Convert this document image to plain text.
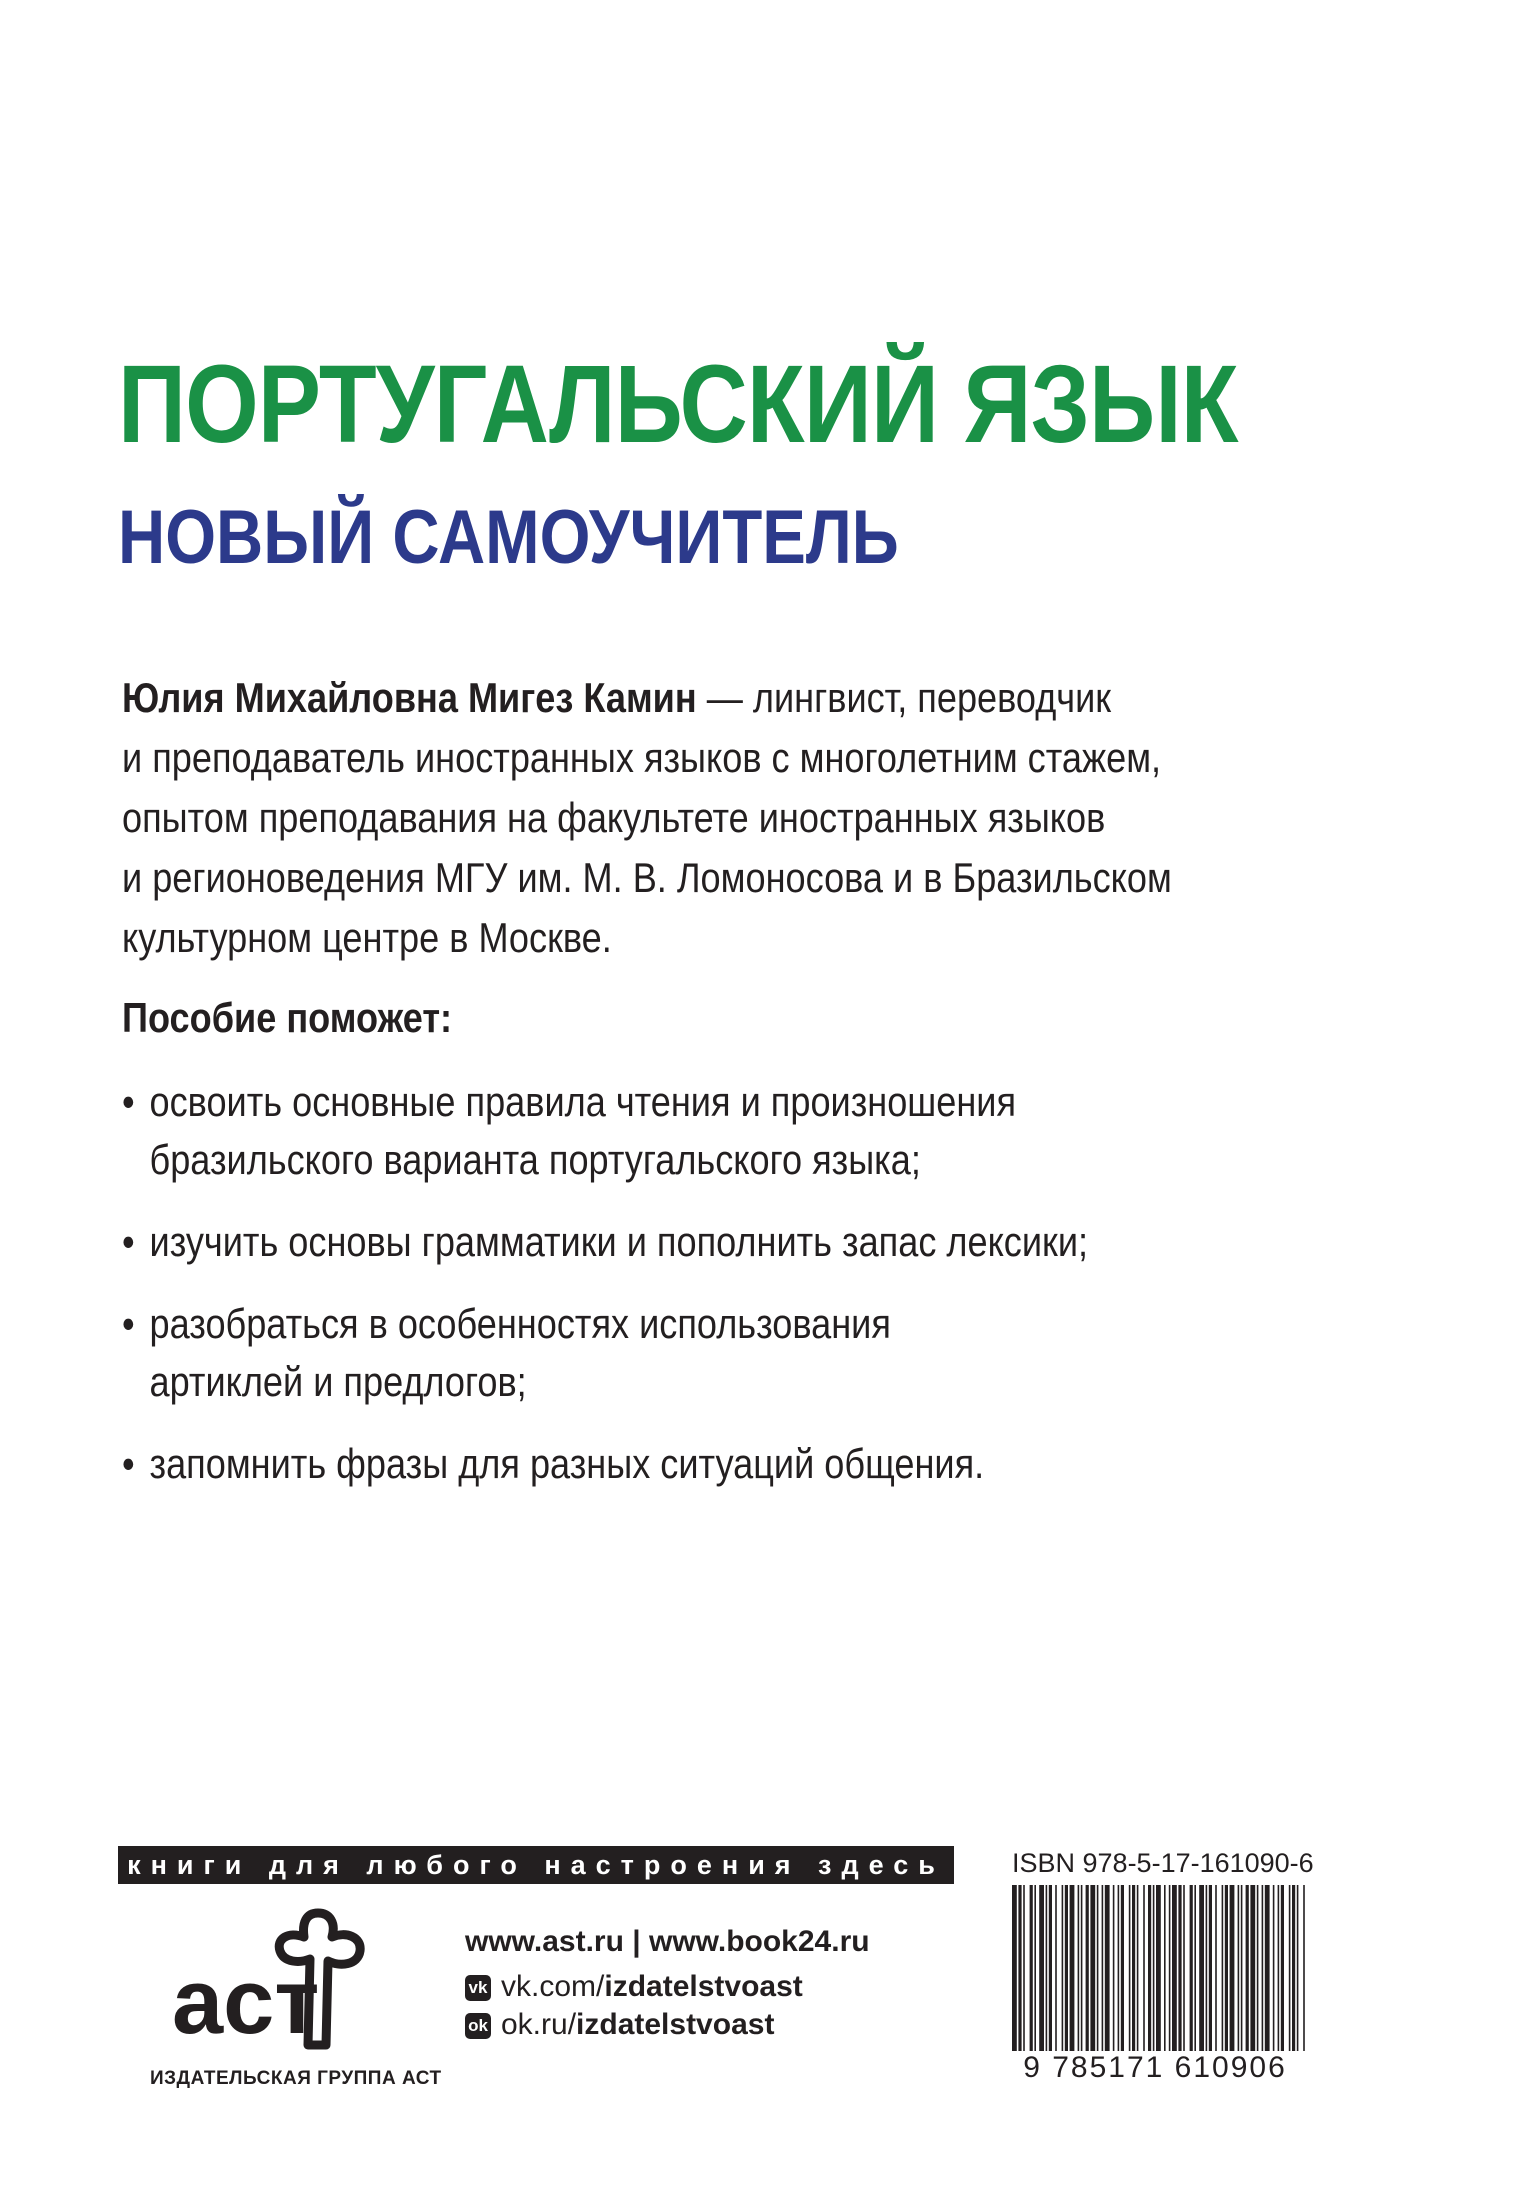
ПОРТУГАЛЬСКИЙ ЯЗЫК
НОВЫЙ САМОУЧИТЕЛЬ

Юлия Михайловна Мигез Камин — лингвист, переводчик
и преподаватель иностранных языков с многолетним стажем,
опытом преподавания на факультете иностранных языков
и регионоведения МГУ им. М. В. Ломоносова и в Бразильском
культурном центре в Москве.

Пособие поможет:

• освоить основные правила чтения и произношения
бразильского варианта португальского языка;
• изучить основы грамматики и пополнить запас лексики;
• разобраться в особенностях использования
артиклей и предлогов;
• запомнить фразы для разных ситуаций общения.
книги для любого настроения здесь
аст

ИЗДАТЕЛЬСКАЯ ГРУППА АСТ

www.ast.ru | www.book24.ru

vk vk.com/izdatelstvoast

ok ok.ru/izdatelstvoast

ISBN 978-5-17-161090-6

9 785171 610906
